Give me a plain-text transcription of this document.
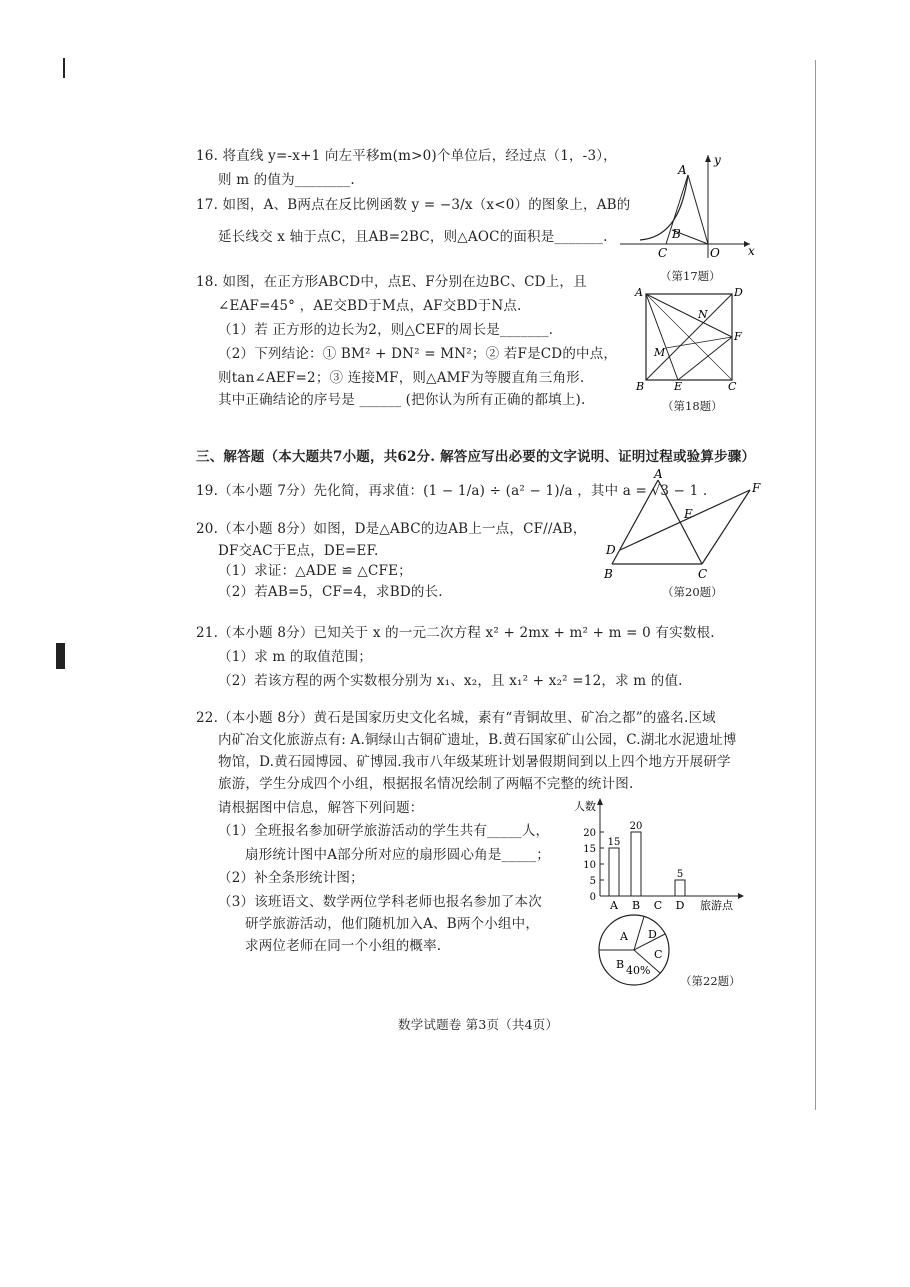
16. 将直线 y=-x+1 向左平移m(m>0)个单位后，经过点（1，-3），
则 m 的值为________.
17. 如图，A、B两点在反比例函数 y = −3/x（x<0）的图象上，AB的
延长线交 x 轴于点C，且AB=2BC，则△AOC的面积是_______.
y
A
B
C	O x
（第17题）
18. 如图，在正方形ABCD中，点E、F分别在边BC、CD上，且
∠EAF=45° ，AE交BD于M点，AF交BD于N点.
（1）若 正方形的边长为2，则△CEF的周长是_______.
（2）下列结论：① BM² + DN² = MN²；② 若F是CD的中点，
则tan∠AEF=2；③ 连接MF，则△AMF为等腰直角三角形.
其中正确结论的序号是 ______ (把你认为所有正确的都填上).
A	D
N
F
M
B	E	C
（第18题）
三、解答题（本大题共7小题，共62分. 解答应写出必要的文字说明、证明过程或验算步骤）
19.（本小题 7分）先化简，再求值：(1 − 1/a) ÷ (a² − 1)/a ，其中 a = √3 − 1 .
20.（本小题 8分）如图，D是△ABC的边AB上一点，CF//AB，
DF交AC于E点，DE=EF.
（1）求证：△ADE ≌ △CFE；
（2）若AB=5，CF=4，求BD的长.
A
F
E
D
B	C
（第20题）
21.（本小题 8分）已知关于 x 的一元二次方程 x² + 2mx + m² + m = 0 有实数根.
（1）求 m 的取值范围；
（2）若该方程的两个实数根分别为 x₁、x₂，且 x₁² + x₂² =12，求 m 的值.
22.（本小题 8分）黄石是国家历史文化名城，素有“青铜故里、矿冶之都”的盛名.区域
内矿冶文化旅游点有: A.铜绿山古铜矿遗址，B.黄石国家矿山公园，C.湖北水泥遗址博
物馆，D.黄石园博园、矿博园.我市八年级某班计划暑假期间到以上四个地方开展研学
旅游，学生分成四个小组，根据报名情况绘制了两幅不完整的统计图.
请根据图中信息，解答下列问题：
（1）全班报名参加研学旅游活动的学生共有_____人，
扇形统计图中A部分所对应的扇形圆心角是_____；
（2）补全条形统计图；
（3）该班语文、数学两位学科老师也报名参加了本次
研学旅游活动，他们随机加入A、B两个小组中，
求两位老师在同一个小组的概率.
0
5
10
15
20
A B C D
15
20
5
人数
旅游点
A D
C
B 40%
（第22题）
数学试题卷 第3页（共4页）
